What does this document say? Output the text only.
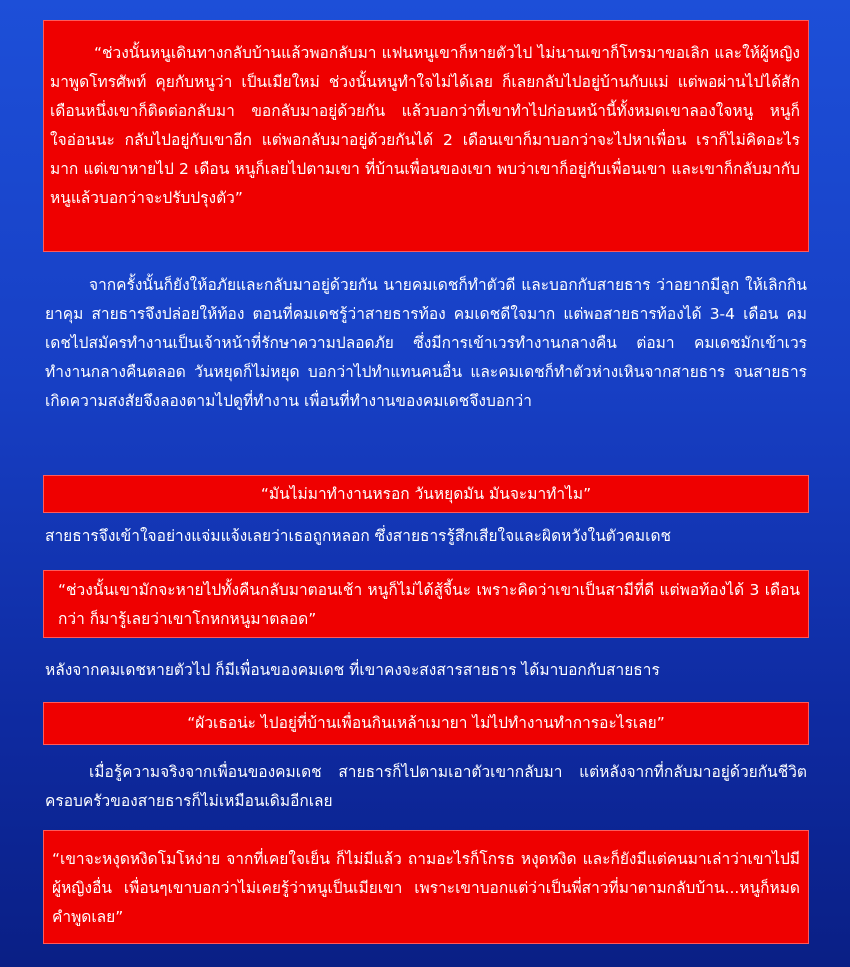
“ช่วงนั้นหนูเดินทางกลับบ้านแล้วพอกลับมา แฟนหนูเขาก็หายตัวไป ไม่นานเขาก็โทรมาขอเลิก และให้ผู้หญิงมาพูดโทรศัพท์ คุยกับหนูว่า เป็นเมียใหม่ ช่วงนั้นหนูทำใจไม่ได้เลย ก็เลยกลับไปอยู่บ้านกับแม่ แต่พอผ่านไปได้สักเดือนหนึ่งเขาก็ติดต่อกลับมา ขอกลับมาอยู่ด้วยกัน แล้วบอกว่าที่เขาทำไปก่อนหน้านี้ทั้งหมดเขาลองใจหนู หนูก็ใจอ่อนนะ กลับไปอยู่กับเขาอีก แต่พอกลับมาอยู่ด้วยกันได้ 2 เดือนเขาก็มาบอกว่าจะไปหาเพื่อน เราก็ไม่คิดอะไรมาก แต่เขาหายไป 2 เดือน หนูก็เลยไปตามเขา ที่บ้านเพื่อนของเขา พบว่าเขาก็อยู่กับเพื่อนเขา และเขาก็กลับมากับหนูแล้วบอกว่าจะปรับปรุงตัว”
จากครั้งนั้นก็ยังให้อภัยและกลับมาอยู่ด้วยกัน นายคมเดชก็ทำตัวดี และบอกกับสายธาร ว่าอยากมีลูก ให้เลิกกินยาคุม สายธารจึงปล่อยให้ท้อง ตอนที่คมเดชรู้ว่าสายธารท้อง คมเดชดีใจมาก แต่พอสายธารท้องได้ 3-4 เดือน คมเดชไปสมัครทำงานเป็นเจ้าหน้าที่รักษาความปลอดภัย ซึ่งมีการเข้าเวรทำงานกลางคืน ต่อมา คมเดชมักเข้าเวรทำงานกลางคืนตลอด วันหยุดก็ไม่หยุด บอกว่าไปทำแทนคนอื่น และคมเดชก็ทำตัวห่างเหินจากสายธาร จนสายธารเกิดความสงสัยจึงลองตามไปดูที่ทำงาน เพื่อนที่ทำงานของคมเดชจึงบอกว่า
“มันไม่มาทำงานหรอก วันหยุดมัน มันจะมาทำไม”
สายธารจึงเข้าใจอย่างแจ่มแจ้งเลยว่าเธอถูกหลอก ซึ่งสายธารรู้สึกเสียใจและผิดหวังในตัวคมเดช
“ช่วงนั้นเขามักจะหายไปทั้งคืนกลับมาตอนเช้า หนูก็ไม่ได้สู้จี้นะ เพราะคิดว่าเขาเป็นสามีที่ดี แต่พอท้องได้ 3 เดือน กว่า ก็มารู้เลยว่าเขาโกหกหนูมาตลอด”
หลังจากคมเดชหายตัวไป ก็มีเพื่อนของคมเดช ที่เขาคงจะสงสารสายธาร ได้มาบอกกับสายธาร
“ผัวเธอน่ะ ไปอยู่ที่บ้านเพื่อนกินเหล้าเมายา ไม่ไปทำงานทำการอะไรเลย”
เมื่อรู้ความจริงจากเพื่อนของคมเดช สายธารก็ไปตามเอาตัวเขากลับมา แต่หลังจากที่กลับมาอยู่ด้วยกันชีวิตครอบครัวของสายธารก็ไม่เหมือนเดิมอีกเลย
“เขาจะหงุดหงิดโมโหง่าย จากที่เคยใจเย็น ก็ไม่มีแล้ว ถามอะไรก็โกรธ หงุดหงิด และก็ยังมีแต่คนมาเล่าว่าเขาไปมีผู้หญิงอื่น เพื่อนๆเขาบอกว่าไม่เคยรู้ว่าหนูเป็นเมียเขา เพราะเขาบอกแต่ว่าเป็นพี่สาวที่มาตามกลับบ้าน...หนูก็หมดคำพูดเลย”
